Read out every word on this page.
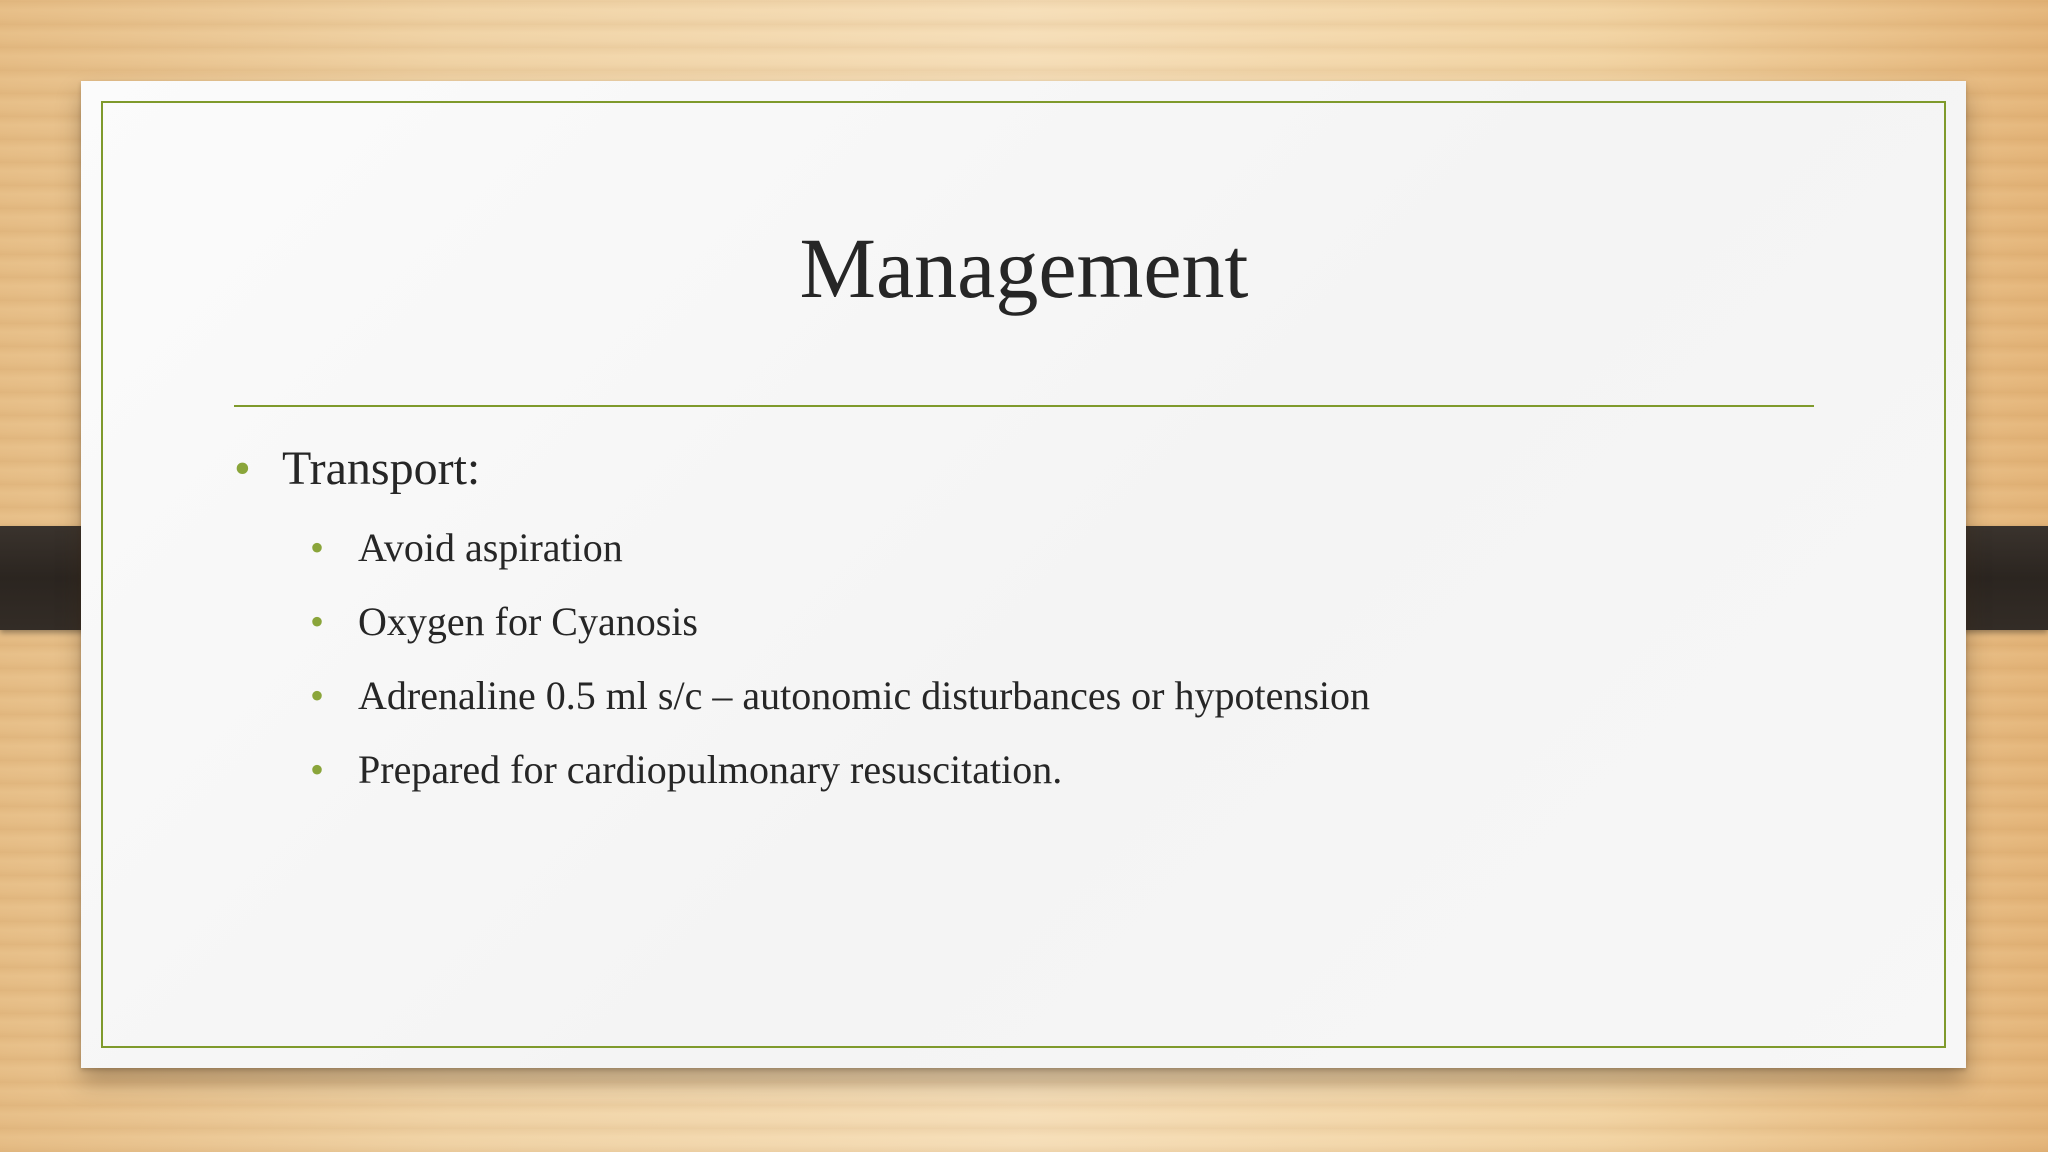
Management
• Transport:
• Avoid aspiration
• Oxygen for Cyanosis
• Adrenaline 0.5 ml s/c – autonomic disturbances or hypotension
• Prepared for cardiopulmonary resuscitation.
